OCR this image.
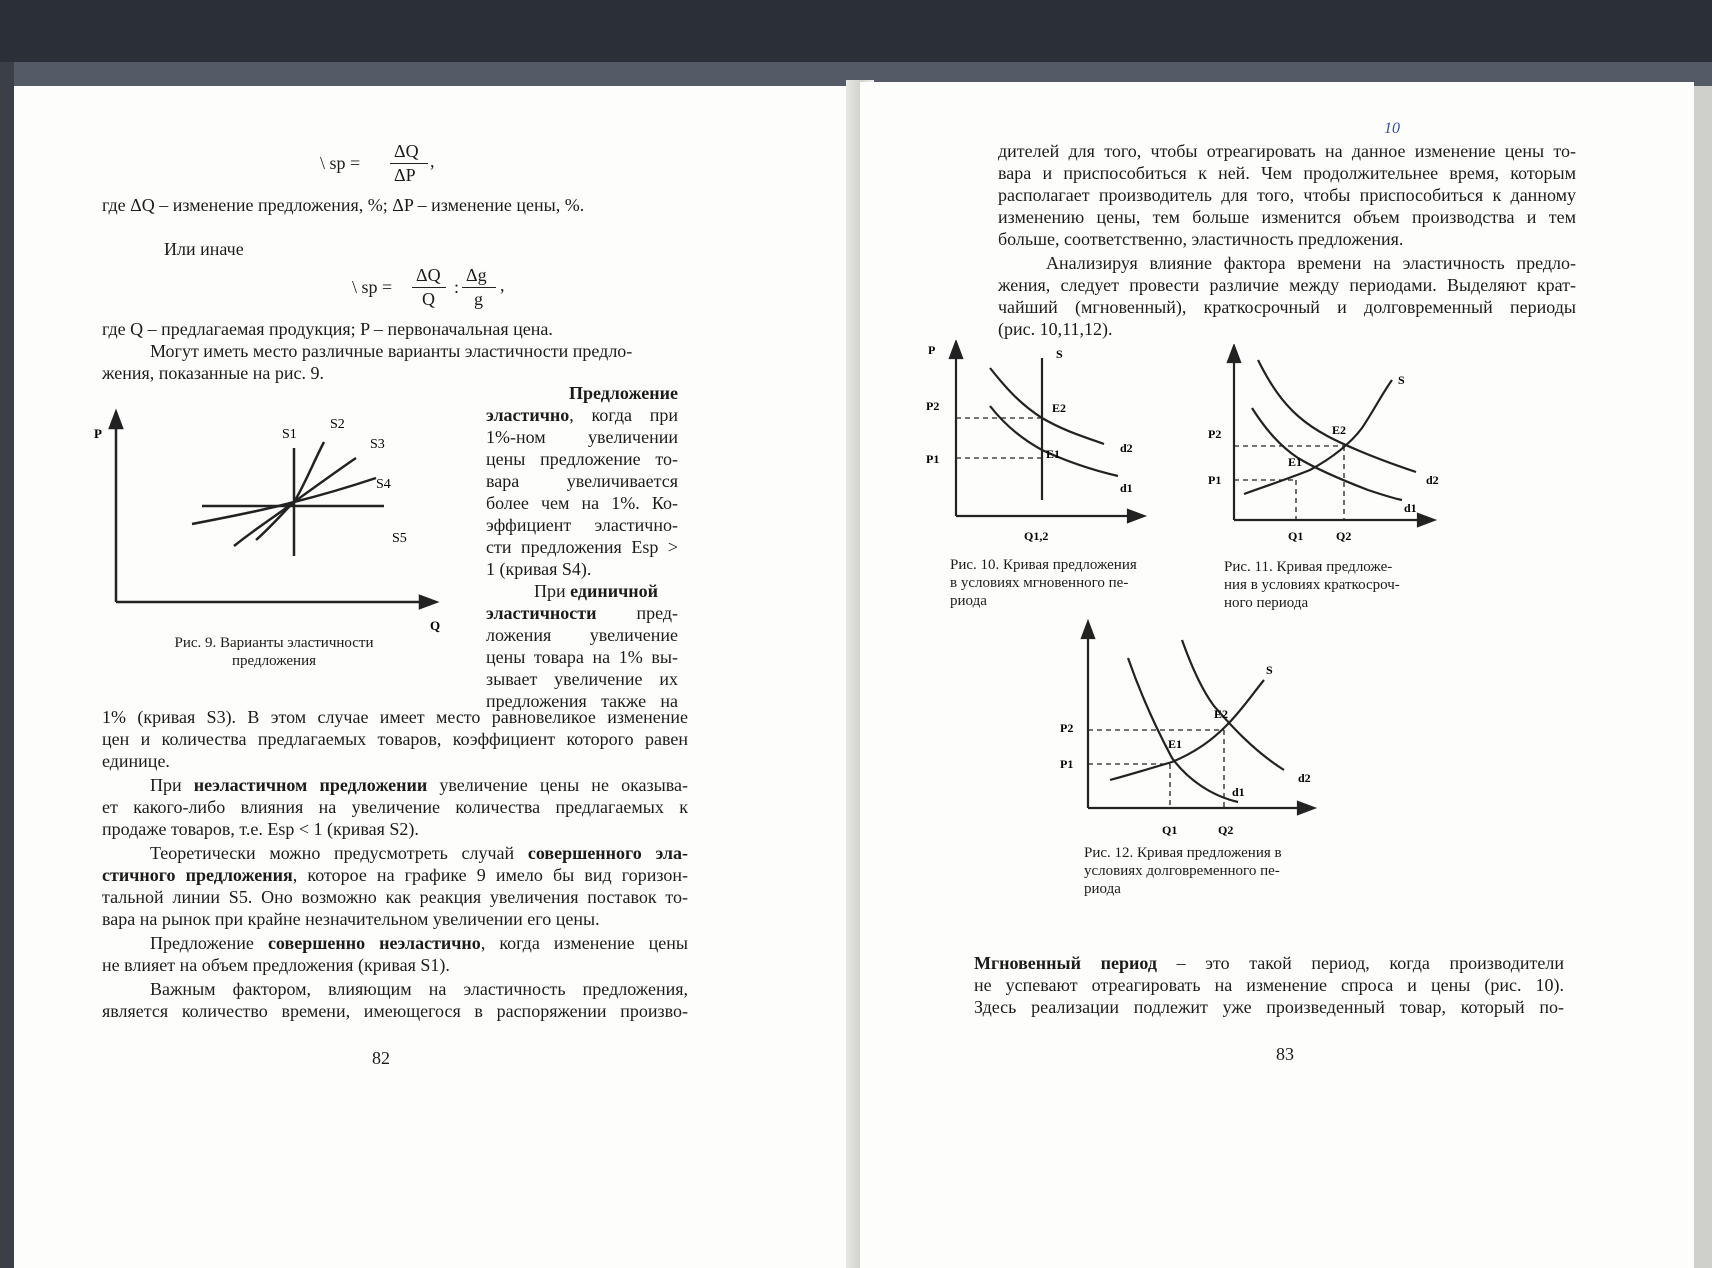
\ sp =
ΔQ
ΔP
,
где ΔQ – изменение предложения, %; ΔP – изменение цены, %.
Или иначе
\ sp =
ΔQ
Q
:
Δg
g
,
где Q – предлагаемая продукция; P – первоначальная цена.
Могут иметь место различные варианты эластичности предло-
жения, показанные на рис. 9.
Предложение
эластично, когда при
1%-ном увеличении
цены предложение то-
вара увеличивается
более чем на 1%. Ко-
эффициент эластично-
сти предложения Esp >
1 (кривая S4).
При единичной
эластичности пред-
ложения увеличение
цены товара на 1% вы-
зывает увеличение их
предложения также на
P
Q
S1
S2
S3
S4
S5
Рис. 9. Варианты эластичности
предложения
1% (кривая S3). В этом случае имеет место равновеликое изменение
цен и количества предлагаемых товаров, коэффициент которого равен
единице.
При неэластичном предложении увеличение цены не оказыва-
ет какого-либо влияния на увеличение количества предлагаемых к
продаже товаров, т.е. Esp < 1 (кривая S2).
Теоретически можно предусмотреть случай совершенного эла-
стичного предложения, которое на графике 9 имело бы вид горизон-
тальной линии S5. Оно возможно как реакция увеличения поставок то-
вара на рынок при крайне незначительном увеличении его цены.
Предложение совершенно неэластично, когда изменение цены
не влияет на объем предложения (кривая S1).
Важным фактором, влияющим на эластичность предложения,
является количество времени, имеющегося в распоряжении произво-
82
10
дителей для того, чтобы отреагировать на данное изменение цены то-
вара и приспособиться к ней. Чем продолжительнее время, которым
располагает производитель для того, чтобы приспособиться к данному
изменению цены, тем больше изменится объем производства и тем
больше, соответственно, эластичность предложения.
Анализируя влияние фактора времени на эластичность предло-
жения, следует провести различие между периодами. Выделяют крат-
чайший (мгновенный), краткосрочный и долговременный периоды
(рис. 10,11,12).
P	S
P2
P1
E2
E1	d2
d1
Q1,2
Рис. 10. Кривая предложения
в условиях мгновенного пе-
риода
S
P2
P1
E2
E1
d2
d1
Q1	Q2
Рис. 11. Кривая предложе-
ния в условиях краткосроч-
ного периода
S
P2
P1
E2
E1
d2
d1
Q1	Q2
Рис. 12. Кривая предложения в
условиях долговременного пе-
риода
Мгновенный период – это такой период, когда производители
не успевают отреагировать на изменение спроса и цены (рис. 10).
Здесь реализации подлежит уже произведенный товар, который по-
83
